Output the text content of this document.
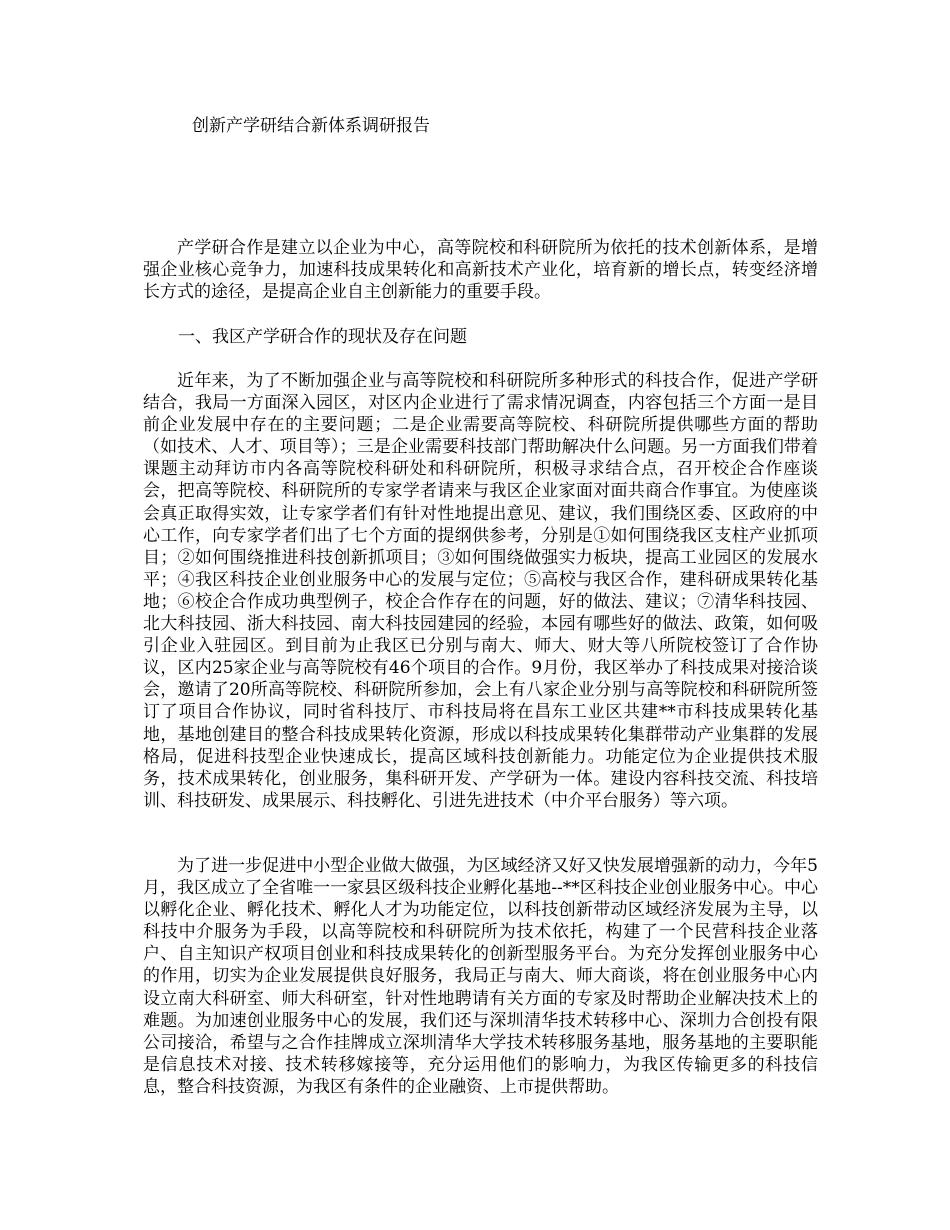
创新产学研结合新体系调研报告

产学研合作是建立以企业为中心，高等院校和科研院所为依托的技术创新体系，是增强企业核心竞争力，加速科技成果转化和高新技术产业化，培育新的增长点，转变经济增长方式的途径，是提高企业自主创新能力的重要手段。

一、我区产学研合作的现状及存在问题

近年来，为了不断加强企业与高等院校和科研院所多种形式的科技合作，促进产学研结合，我局一方面深入园区，对区内企业进行了需求情况调查，内容包括三个方面一是目前企业发展中存在的主要问题；二是企业需要高等院校、科研院所提供哪些方面的帮助（如技术、人才、项目等）；三是企业需要科技部门帮助解决什么问题。另一方面我们带着课题主动拜访市内各高等院校科研处和科研院所，积极寻求结合点，召开校企合作座谈会，把高等院校、科研院所的专家学者请来与我区企业家面对面共商合作事宜。为使座谈会真正取得实效，让专家学者们有针对性地提出意见、建议，我们围绕区委、区政府的中心工作，向专家学者们出了七个方面的提纲供参考，分别是①如何围绕我区支柱产业抓项目；②如何围绕推进科技创新抓项目；③如何围绕做强实力板块，提高工业园区的发展水平；④我区科技企业创业服务中心的发展与定位；⑤高校与我区合作，建科研成果转化基地；⑥校企合作成功典型例子，校企合作存在的问题，好的做法、建议；⑦清华科技园、北大科技园、浙大科技园、南大科技园建园的经验，本园有哪些好的做法、政策，如何吸引企业入驻园区。到目前为止我区已分别与南大、师大、财大等八所院校签订了合作协议，区内25家企业与高等院校有46个项目的合作。9月份，我区举办了科技成果对接洽谈会，邀请了20所高等院校、科研院所参加，会上有八家企业分别与高等院校和科研院所签订了项目合作协议，同时省科技厅、市科技局将在昌东工业区共建**市科技成果转化基地，基地创建目的整合科技成果转化资源，形成以科技成果转化集群带动产业集群的发展格局，促进科技型企业快速成长，提高区域科技创新能力。功能定位为企业提供技术服务，技术成果转化，创业服务，集科研开发、产学研为一体。建设内容科技交流、科技培训、科技研发、成果展示、科技孵化、引进先进技术（中介平台服务）等六项。

为了进一步促进中小型企业做大做强，为区域经济又好又快发展增强新的动力，今年5月，我区成立了全省唯一一家县区级科技企业孵化基地--**区科技企业创业服务中心。中心以孵化企业、孵化技术、孵化人才为功能定位，以科技创新带动区域经济发展为主导，以科技中介服务为手段，以高等院校和科研院所为技术依托，构建了一个民营科技企业落户、自主知识产权项目创业和科技成果转化的创新型服务平台。为充分发挥创业服务中心的作用，切实为企业发展提供良好服务，我局正与南大、师大商谈，将在创业服务中心内设立南大科研室、师大科研室，针对性地聘请有关方面的专家及时帮助企业解决技术上的难题。为加速创业服务中心的发展，我们还与深圳清华技术转移中心、深圳力合创投有限公司接洽，希望与之合作挂牌成立深圳清华大学技术转移服务基地，服务基地的主要职能是信息技术对接、技术转移嫁接等，充分运用他们的影响力，为我区传输更多的科技信息，整合科技资源，为我区有条件的企业融资、上市提供帮助。
